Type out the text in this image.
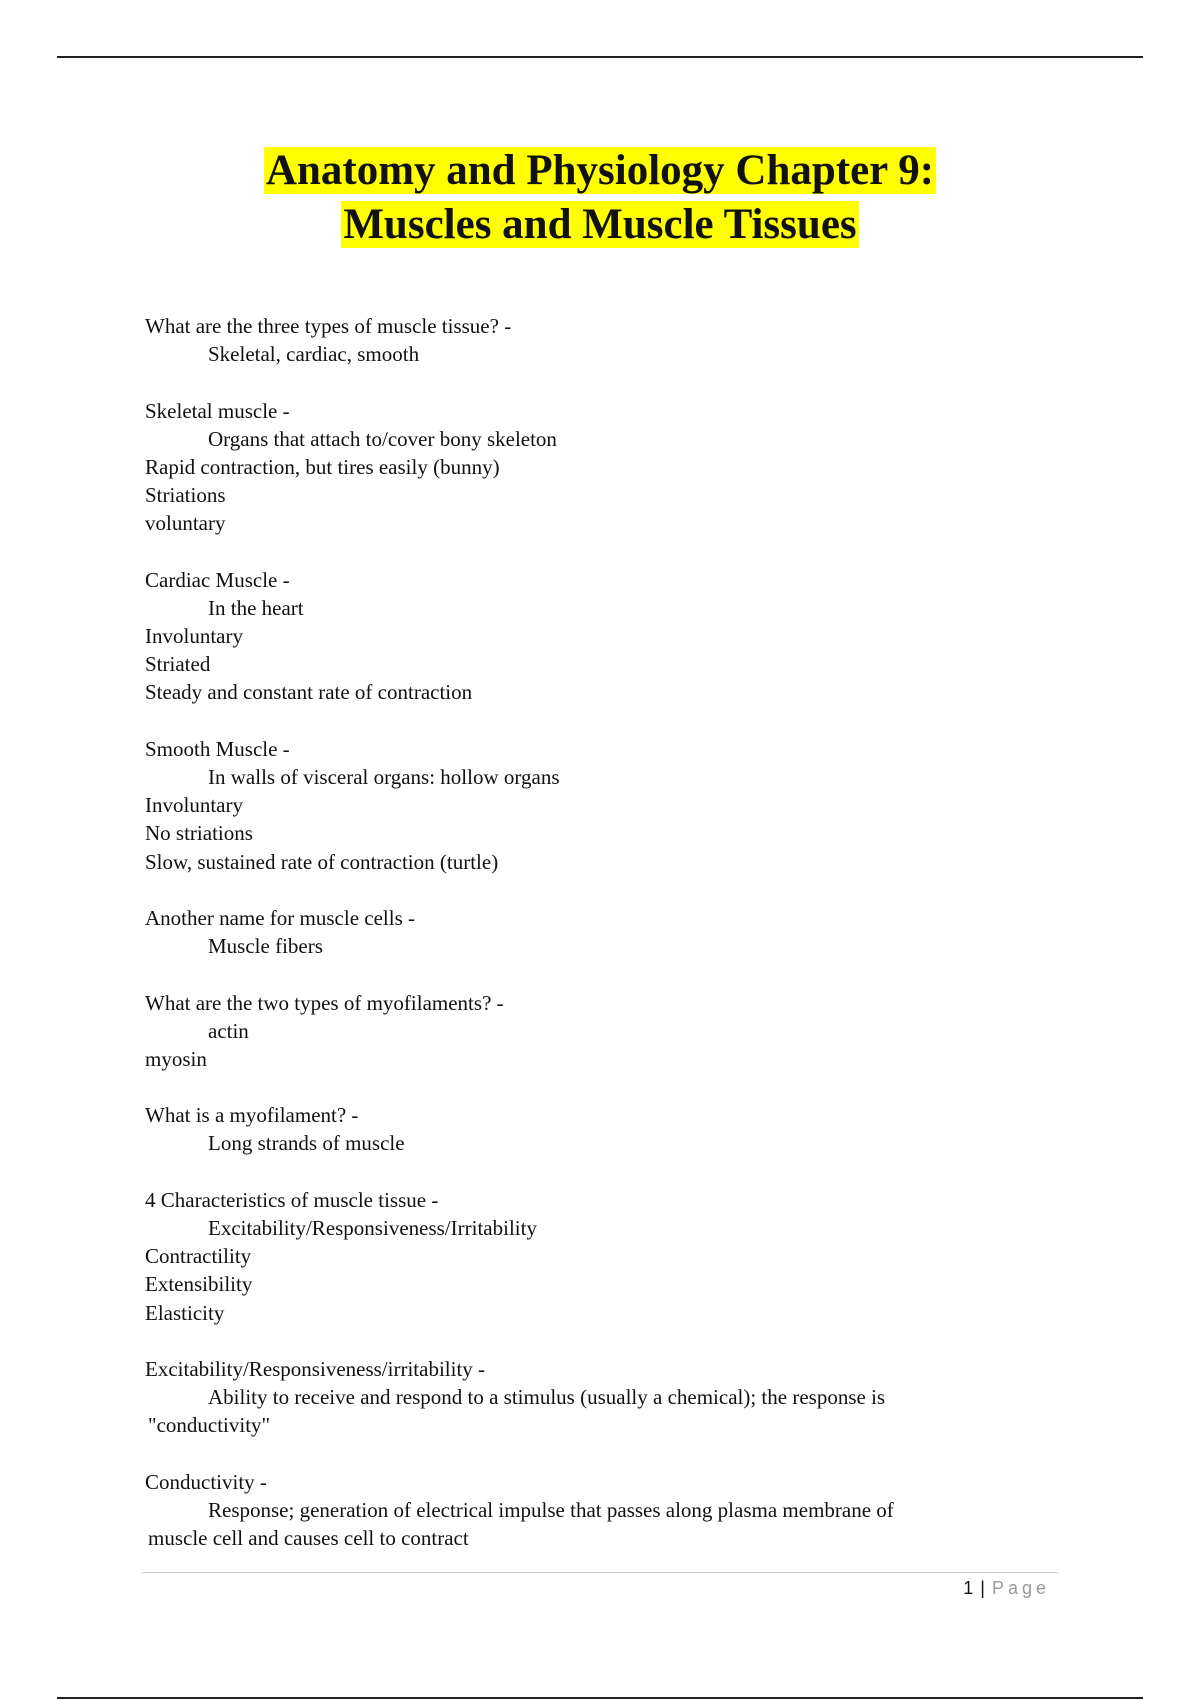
Anatomy and Physiology Chapter 9:
Muscles and Muscle Tissues
What are the three types of muscle tissue? -
Skeletal, cardiac, smooth
Skeletal muscle -
Organs that attach to/cover bony skeleton
Rapid contraction, but tires easily (bunny)
Striations
voluntary
Cardiac Muscle -
In the heart
Involuntary
Striated
Steady and constant rate of contraction
Smooth Muscle -
In walls of visceral organs: hollow organs
Involuntary
No striations
Slow, sustained rate of contraction (turtle)
Another name for muscle cells -
Muscle fibers
What are the two types of myofilaments? -
actin
myosin
What is a myofilament? -
Long strands of muscle
4 Characteristics of muscle tissue -
Excitability/Responsiveness/Irritability
Contractility
Extensibility
Elasticity
Excitability/Responsiveness/irritability -
Ability to receive and respond to a stimulus (usually a chemical); the response is
"conductivity"
Conductivity -
Response; generation of electrical impulse that passes along plasma membrane of
muscle cell and causes cell to contract
1 | Page
